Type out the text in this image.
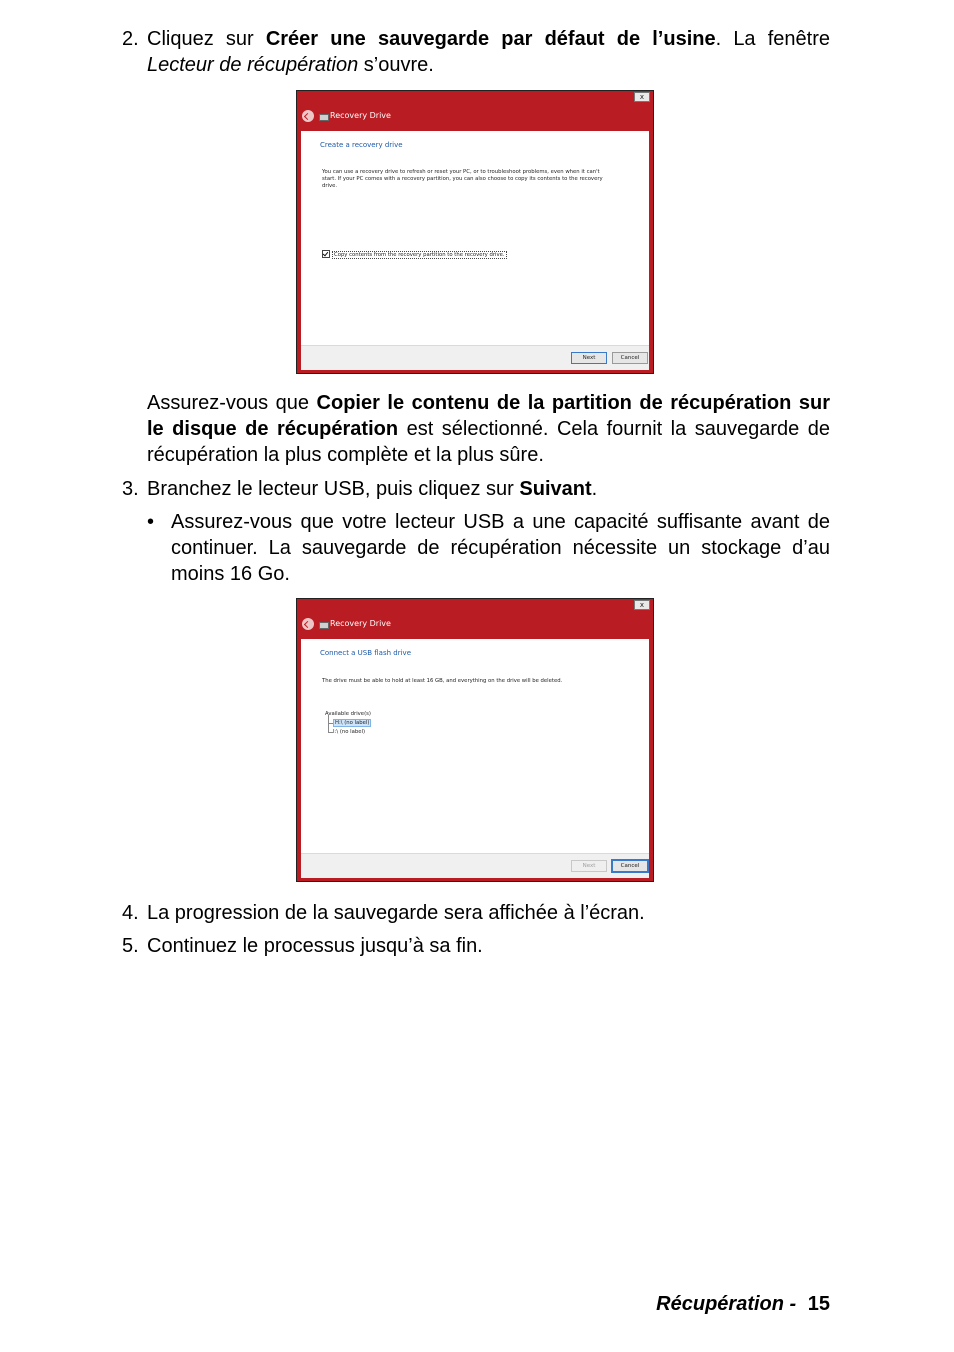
2. Cliquez sur Créer une sauvegarde par défaut de l’usine. La fenêtre Lecteur de récupération s’ouvre.
x
Recovery Drive
Create a recovery drive
You can use a recovery drive to refresh or reset your PC, or to troubleshoot problems, even when it can't start. If your PC comes with a recovery partition, you can also choose to copy its contents to the recovery drive.
Copy contents from the recovery partition to the recovery drive.
Next	Cancel
Assurez-vous que Copier le contenu de la partition de récupération sur le disque de récupération est sélectionné. Cela fournit la sauvegarde de récupération la plus complète et la plus sûre.
3. Branchez le lecteur USB, puis cliquez sur Suivant.
• Assurez-vous que votre lecteur USB a une capacité suffisante avant de continuer. La sauvegarde de récupération nécessite un stockage d’au moins 16 Go.
x
Recovery Drive
Connect a USB flash drive
The drive must be able to hold at least 16 GB, and everything on the drive will be deleted.
Available drive(s)
H:\ (no label)
I:\ (no label)
Next	Cancel
4. La progression de la sauvegarde sera affichée à l’écran.
5. Continuez le processus jusqu’à sa fin.
Récupération - 15
